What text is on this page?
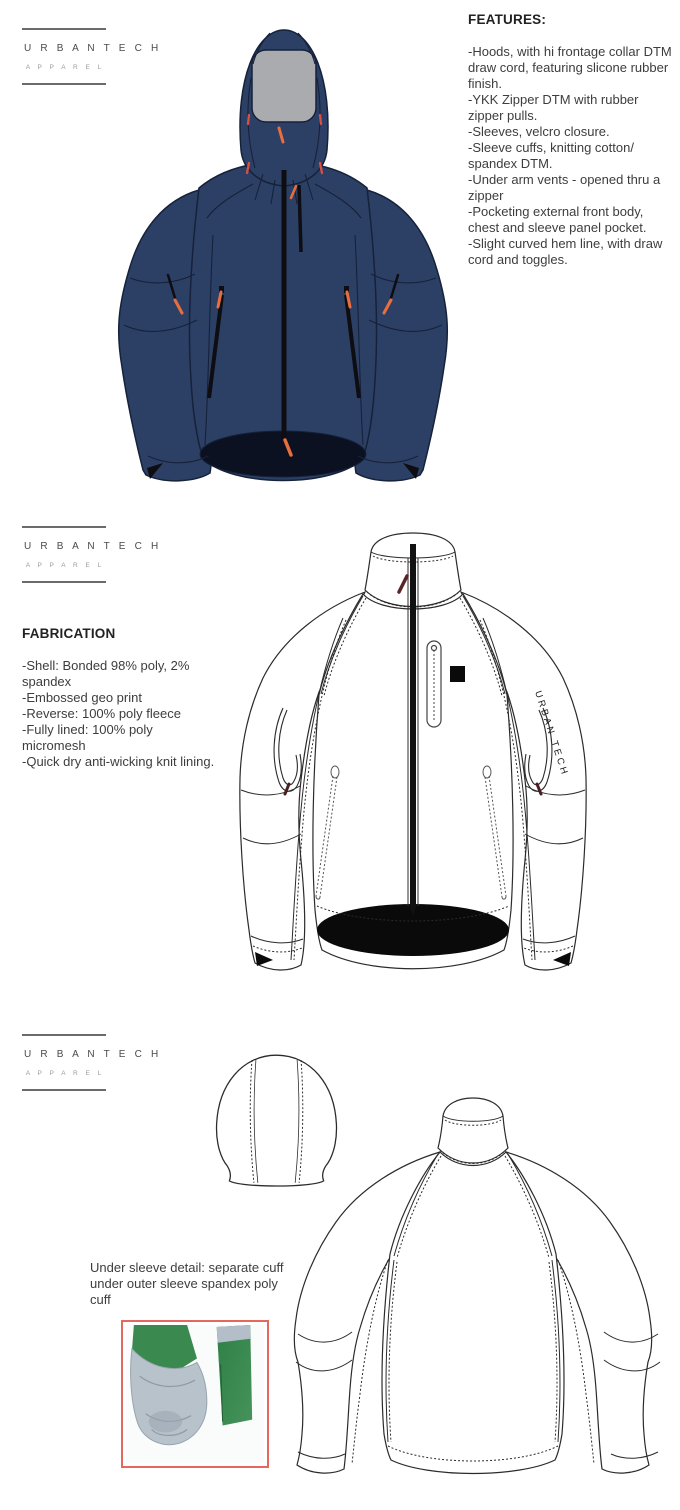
U R B A N T E C H
A P P A R E L
U R B A N T E C H
A P P A R E L
U R B A N T E C H
A P P A R E L
FEATURES:

-Hoods, with hi frontage collar DTM draw cord, featuring slicone rubber finish.

-YKK Zipper DTM with rubber zipper pulls.

-Sleeves, velcro closure.

-Sleeve cuffs, knitting cotton/ spandex DTM.

-Under arm vents - opened thru a zipper

-Pocketing external front body, chest and sleeve panel pocket.

-Slight curved hem line, with draw cord and toggles.

FABRICATION

-Shell: Bonded 98% poly, 2% spandex

-Embossed geo print

-Reverse: 100% poly fleece

-Fully lined: 100% poly micromesh

-Quick dry anti-wicking knit lining.	URBAN TECH
Under sleeve detail: separate cuff under outer sleeve spandex poly cuff
